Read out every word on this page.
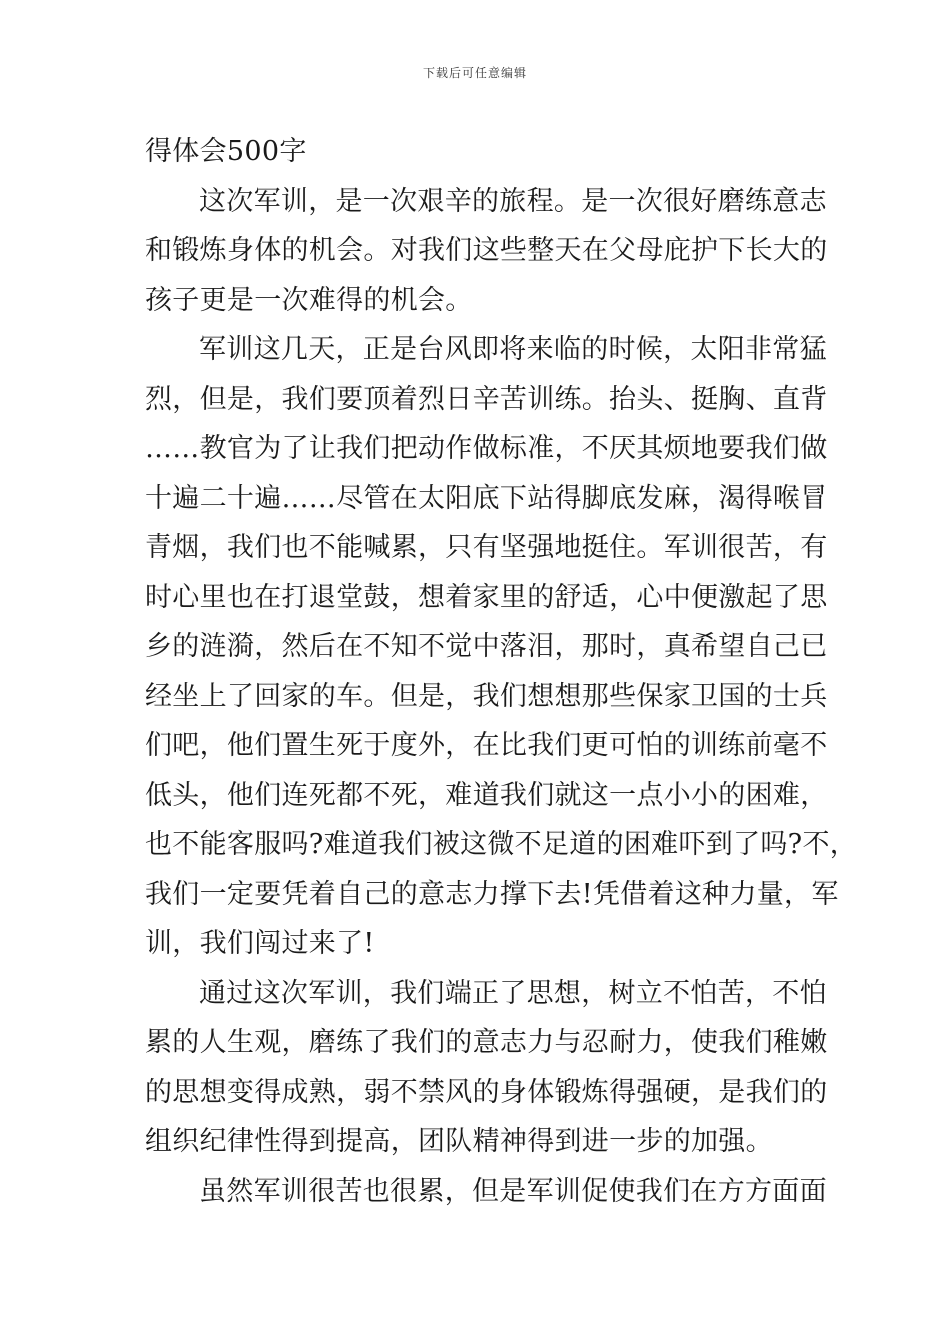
下载后可任意编辑
得体会500字
这次军训，是一次艰辛的旅程。是一次很好磨练意志
和锻炼身体的机会。对我们这些整天在父母庇护下长大的
孩子更是一次难得的机会。
军训这几天，正是台风即将来临的时候，太阳非常猛
烈，但是，我们要顶着烈日辛苦训练。抬头、挺胸、直背
……教官为了让我们把动作做标准，不厌其烦地要我们做
十遍二十遍……尽管在太阳底下站得脚底发麻，渴得喉冒
青烟，我们也不能喊累，只有坚强地挺住。军训很苦，有
时心里也在打退堂鼓，想着家里的舒适，心中便激起了思
乡的涟漪，然后在不知不觉中落泪，那时，真希望自己已
经坐上了回家的车。但是，我们想想那些保家卫国的士兵
们吧，他们置生死于度外，在比我们更可怕的训练前毫不
低头，他们连死都不死，难道我们就这一点小小的困难，
也不能客服吗?难道我们被这微不足道的困难吓到了吗?不，
我们一定要凭着自己的意志力撑下去!凭借着这种力量，军
训，我们闯过来了!
通过这次军训，我们端正了思想，树立不怕苦，不怕
累的人生观，磨练了我们的意志力与忍耐力，使我们稚嫩
的思想变得成熟，弱不禁风的身体锻炼得强硬，是我们的
组织纪律性得到提高，团队精神得到进一步的加强。
虽然军训很苦也很累，但是军训促使我们在方方面面
